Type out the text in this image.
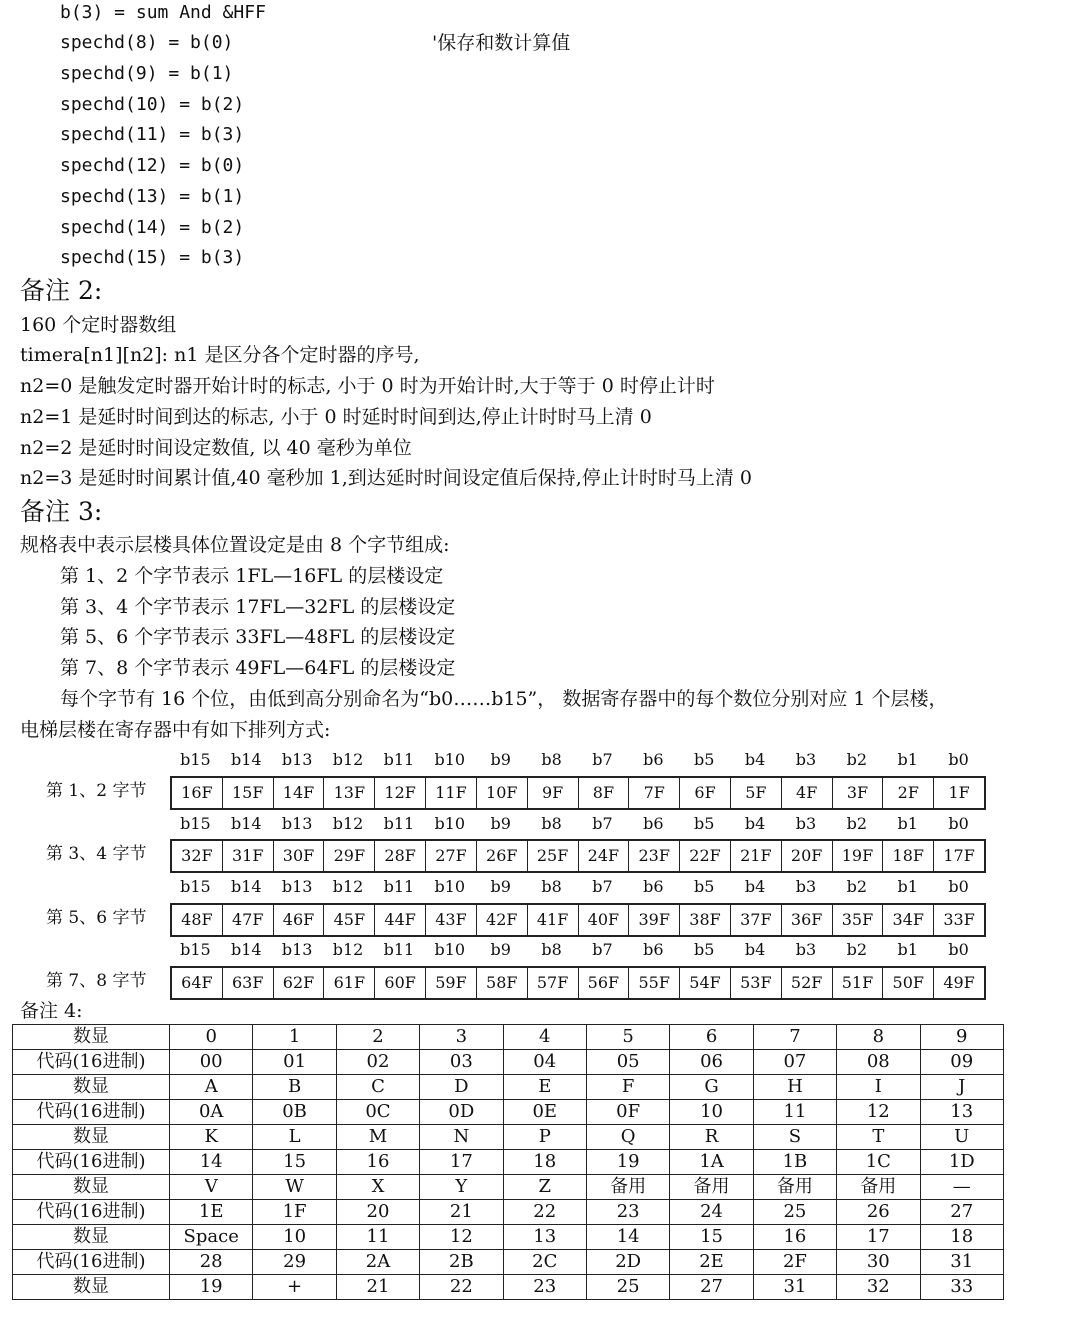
b(3) = sum And &HFF
spechd(8) = b(0)	'保存和数计算值
spechd(9) = b(1)
spechd(10) = b(2)
spechd(11) = b(3)
spechd(12) = b(0)
spechd(13) = b(1)
spechd(14) = b(2)
spechd(15) = b(3)
备注 2:
160 个定时器数组
timera[n1][n2]: n1 是区分各个定时器的序号,
n2=0 是触发定时器开始计时的标志, 小于 0 时为开始计时,大于等于 0 时停止计时
n2=1 是延时时间到达的标志, 小于 0 时延时时间到达,停止计时时马上清 0
n2=2 是延时时间设定数值, 以 40 毫秒为单位
n2=3 是延时时间累计值,40 毫秒加 1,到达延时时间设定值后保持,停止计时时马上清 0
备注 3:
规格表中表示层楼具体位置设定是由 8 个字节组成:
第 1、2 个字节表示 1FL—16FL 的层楼设定
第 3、4 个字节表示 17FL—32FL 的层楼设定
第 5、6 个字节表示 33FL—48FL 的层楼设定
第 7、8 个字节表示 49FL—64FL 的层楼设定
每个字节有 16 个位，由低到高分别命名为“b0……b15”， 数据寄存器中的每个数位分别对应 1 个层楼，
电梯层楼在寄存器中有如下排列方式:
b15	b14	b13	b12	b11	b10	b9	b8	b7	b6	b5	b4	b3	b2	b1	b0
第 1、2 字节	16F	15F	14F	13F	12F	11F	10F	9F	8F	7F	6F	5F	4F	3F	2F	1F
b15	b14	b13	b12	b11	b10	b9	b8	b7	b6	b5	b4	b3	b2	b1	b0
第 3、4 字节	32F	31F	30F	29F	28F	27F	26F	25F	24F	23F	22F	21F	20F	19F	18F	17F
b15	b14	b13	b12	b11	b10	b9	b8	b7	b6	b5	b4	b3	b2	b1	b0
第 5、6 字节	48F	47F	46F	45F	44F	43F	42F	41F	40F	39F	38F	37F	36F	35F	34F	33F
b15	b14	b13	b12	b11	b10	b9	b8	b7	b6	b5	b4	b3	b2	b1	b0
第 7、8 字节	64F	63F	62F	61F	60F	59F	58F	57F	56F	55F	54F	53F	52F	51F	50F	49F
备注 4:
数显	0	1	2	3	4	5	6	7	8	9
代码(16进制)	00	01	02	03	04	05	06	07	08	09
数显	A	B	C	D	E	F	G	H	I	J
代码(16进制)	0A	0B	0C	0D	0E	0F	10	11	12	13
数显	K	L	M	N	P	Q	R	S	T	U
代码(16进制)	14	15	16	17	18	19	1A	1B	1C	1D
数显	V	W	X	Y	Z	备用	备用	备用	备用	—
代码(16进制)	1E	1F	20	21	22	23	24	25	26	27
数显	Space	10	11	12	13	14	15	16	17	18
代码(16进制)	28	29	2A	2B	2C	2D	2E	2F	30	31
数显	19	+	21	22	23	25	27	31	32	33
